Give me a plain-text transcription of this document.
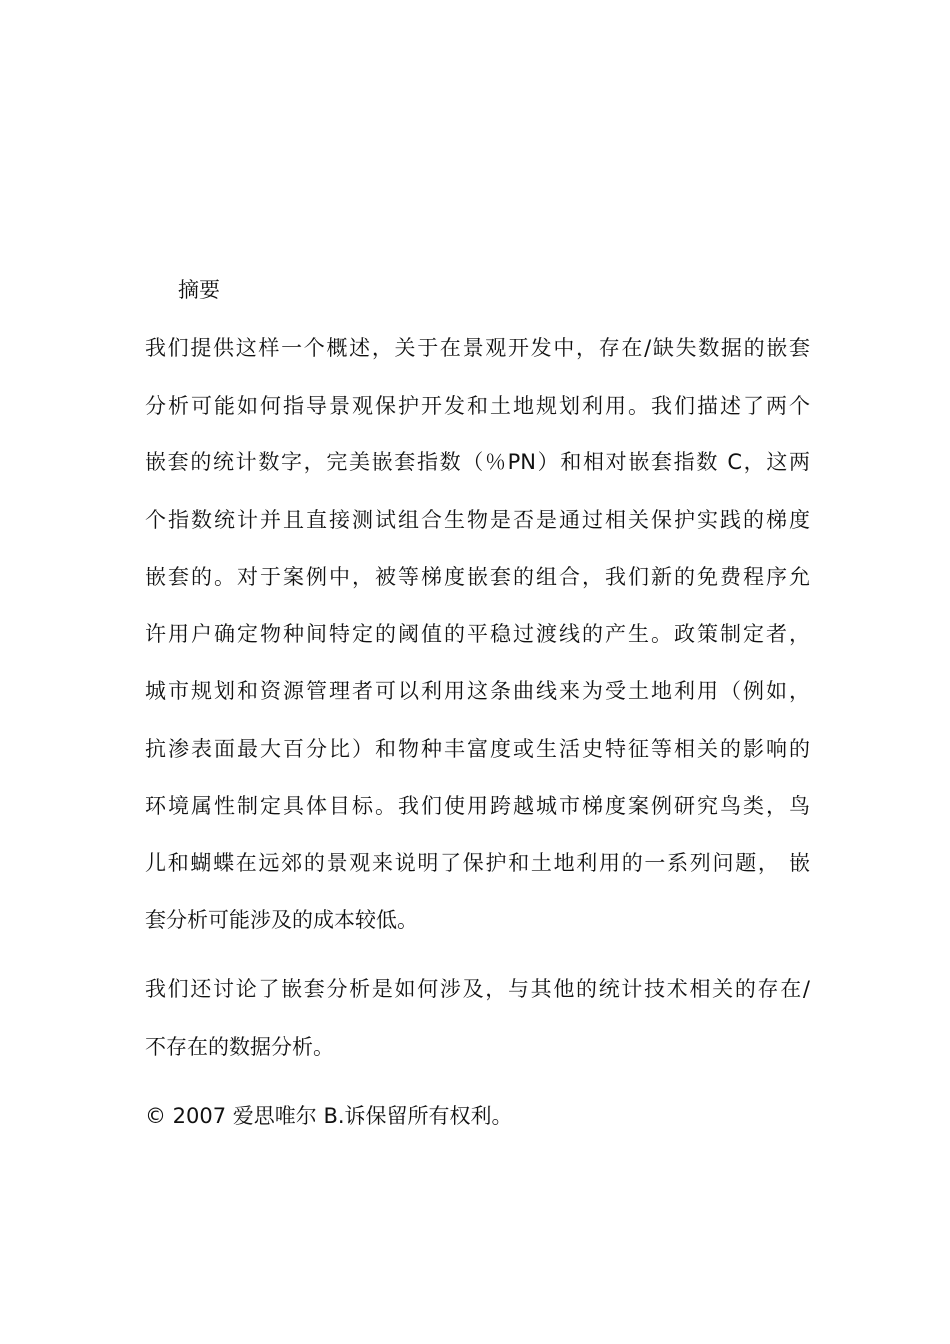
摘要
我们提供这样一个概述，关于在景观开发中，存在/缺失数据的嵌套
分析可能如何指导景观保护开发和土地规划利用。我们描述了两个
嵌套的统计数字，完美嵌套指数（％PN）和相对嵌套指数 C，这两
个指数统计并且直接测试组合生物是否是通过相关保护实践的梯度
嵌套的。对于案例中，被等梯度嵌套的组合，我们新的免费程序允
许用户确定物种间特定的阈值的平稳过渡线的产生。政策制定者，
城市规划和资源管理者可以利用这条曲线来为受土地利用（例如，
抗渗表面最大百分比）和物种丰富度或生活史特征等相关的影响的
环境属性制定具体目标。我们使用跨越城市梯度案例研究鸟类，鸟
儿和蝴蝶在远郊的景观来说明了保护和土地利用的一系列问题， 嵌
套分析可能涉及的成本较低。
我们还讨论了嵌套分析是如何涉及，与其他的统计技术相关的存在/
不存在的数据分析。
© 2007 爱思唯尔 B.诉保留所有权利。
